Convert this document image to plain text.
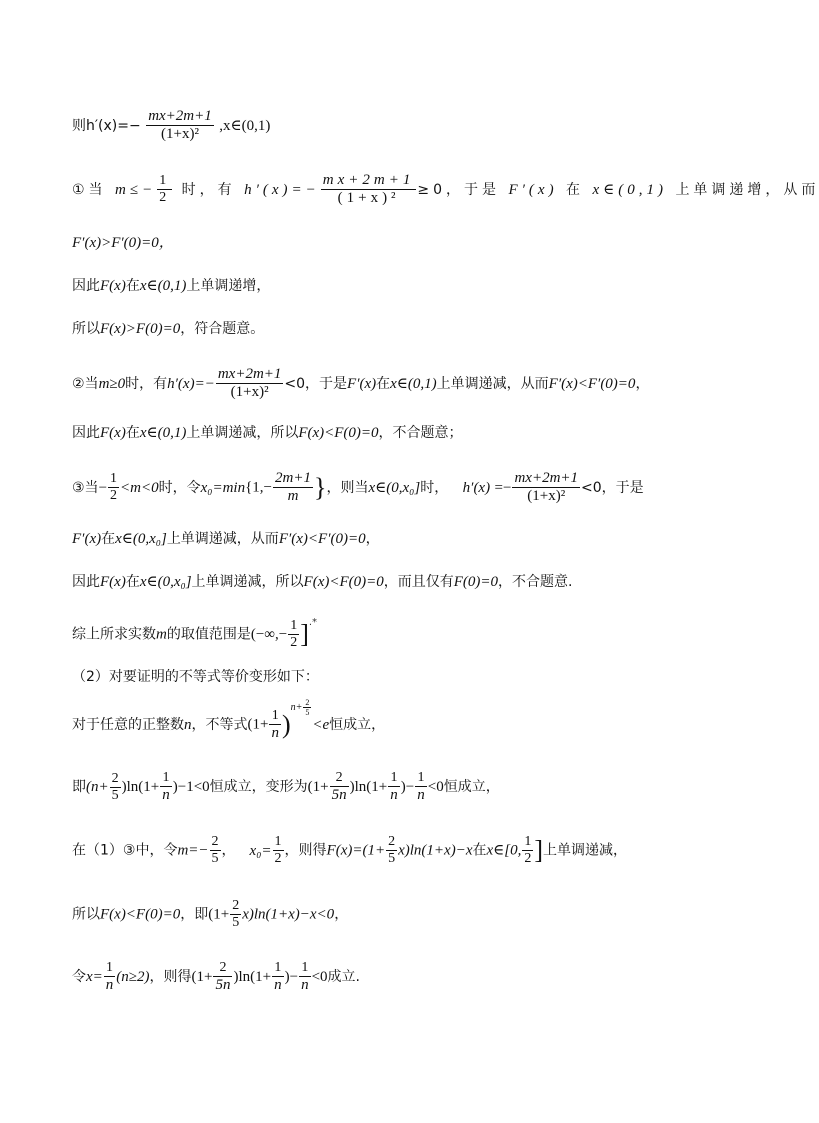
则$h'(x)=- \frac{mx+2m+1}{\text{(1+x)²}}$ ,x∈(0,1)
①当 $m\le- \frac{1}{2}$ 时，有 $h'(x)=- \frac{mx+2m+1}{\text{(1+x)²}} \ge 0$，于是 F′(x) 在 x∈(0,1) 上单调递增，从而
F′(x)>F′(0)=0，
因此F(x)在x∈(0,1)上单调递增，
所以F(x)>F(0)=0，符合题意。
②当m≥0时，有$h'(x)=- \frac{mx+2m+1}{\text{(1+x)²}} <0$，于是F′(x)在x∈(0,1)上单调递减，从而F′(x)<F′(0)=0，
因此F(x)在x∈(0,1)上单调递减，所以F(x)<F(0)=0，不合题意；
③当− $\frac{1}{2} <m<0$时，令$x_0=\min\{1,- \frac{2m+1}{m}$ }，则当x∈(0,x₀]时， $h'(x) =- \frac{mx+2m+1}{\text{(1+x)²}} <0$，于是
F′(x)在x∈(0,x₀]上单调递减，从而F′(x)<F′(0)=0，
因此F(x)在x∈(0,x₀]上单调递减，所以F(x)<F(0)=0，而且仅有F(0)=0，不合题意.
综上所求实数m的取值范围是(−∞,− $\frac{1}{2} ]^{.*}$
（2）对要证明的不等式等价变形如下：
对于任意的正整数n，不等式$(1+ \frac{1}{n} )n+ \frac{2}{5}$
<e恒成立，
即$(n+ \frac{2}{5} )\ln(1+ \frac{1}{n} )-1<0$恒成立，变形为$(1+ \frac{2}{5n} )\ln(1+ \frac{1}{n}$ )− $\frac{1}{n} <0$恒成立，
在（1）③中，令$m=- \frac{2}{5}$ ， $x_0= \frac{1}{2}$ ，则得$F(x)=(1+ \frac{2}{5} x)\ln(1+x)-x$在x∈[0, $\frac{1}{2}$ ]上单调递减，
所以F(x)<F(0)=0，即$(1+ \frac{2}{5} x)\ln(1+x)-x<0$，
令$x= \frac{1}{n} (n\ge 2)$，则得$(1+ \frac{2}{5n} )\ln(1+ \frac{1}{n}$ )− $\frac{1}{n} <0$成立.
